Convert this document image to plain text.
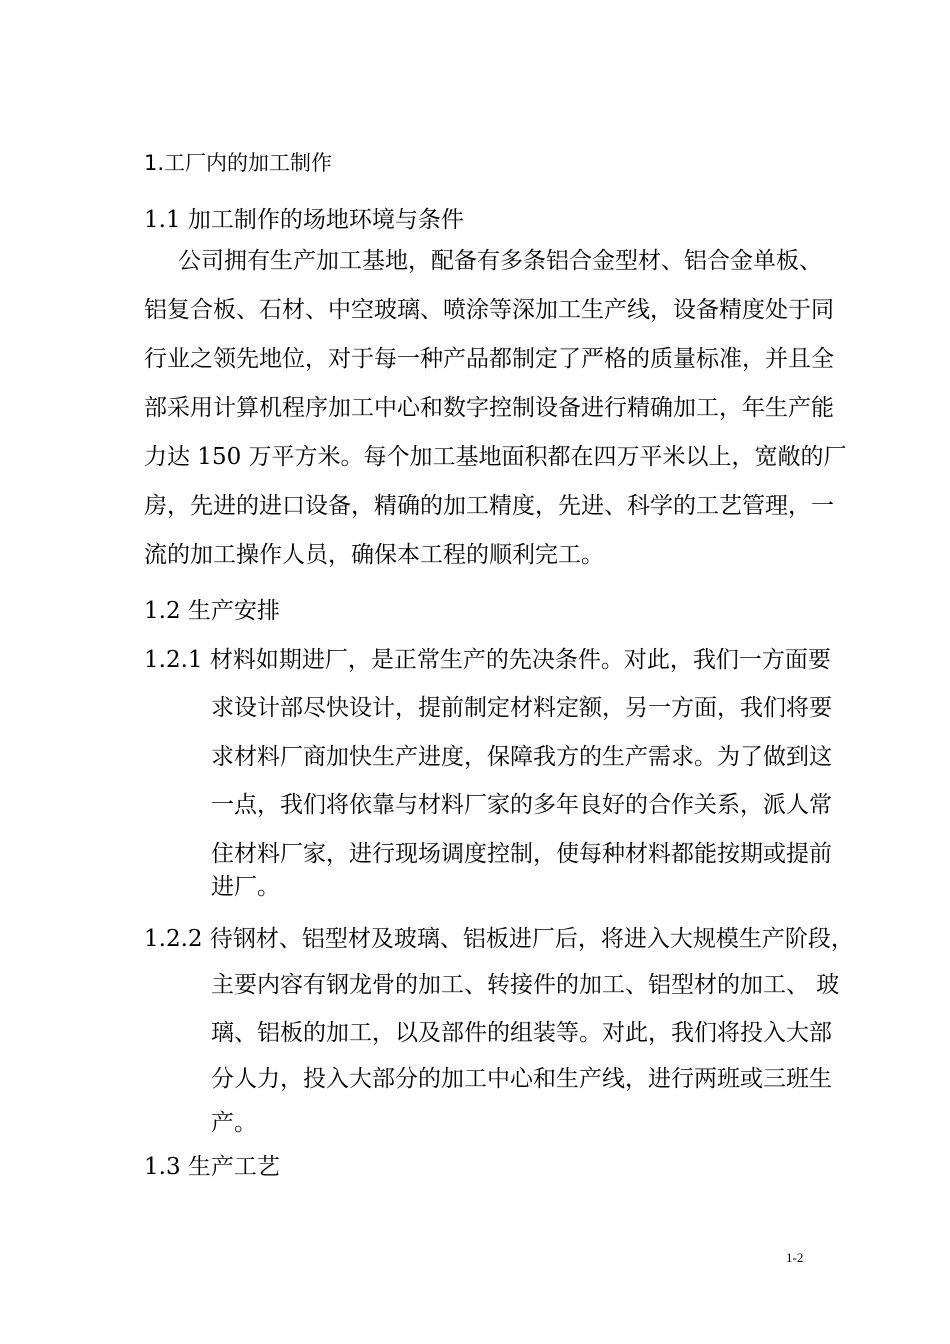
1.工厂内的加工制作
1.1 加工制作的场地环境与条件
公司拥有生产加工基地，配备有多条铝合金型材、铝合金单板、
铝复合板、石材、中空玻璃、喷涂等深加工生产线，设备精度处于同
行业之领先地位，对于每一种产品都制定了严格的质量标准，并且全
部采用计算机程序加工中心和数字控制设备进行精确加工，年生产能
力达 150 万平方米。每个加工基地面积都在四万平米以上，宽敞的厂
房，先进的进口设备，精确的加工精度，先进、科学的工艺管理，一
流的加工操作人员，确保本工程的顺利完工。
1.2 生产安排
1.2.1 材料如期进厂，是正常生产的先决条件。对此，我们一方面要
求设计部尽快设计，提前制定材料定额，另一方面，我们将要
求材料厂商加快生产进度，保障我方的生产需求。为了做到这
一点，我们将依靠与材料厂家的多年良好的合作关系，派人常
住材料厂家，进行现场调度控制，使每种材料都能按期或提前
进厂。
1.2.2 待钢材、铝型材及玻璃、铝板进厂后，将进入大规模生产阶段，
主要内容有钢龙骨的加工、转接件的加工、铝型材的加工、 玻
璃、铝板的加工，以及部件的组装等。对此，我们将投入大部
分人力，投入大部分的加工中心和生产线，进行两班或三班生
产。
1.3 生产工艺
1-2
